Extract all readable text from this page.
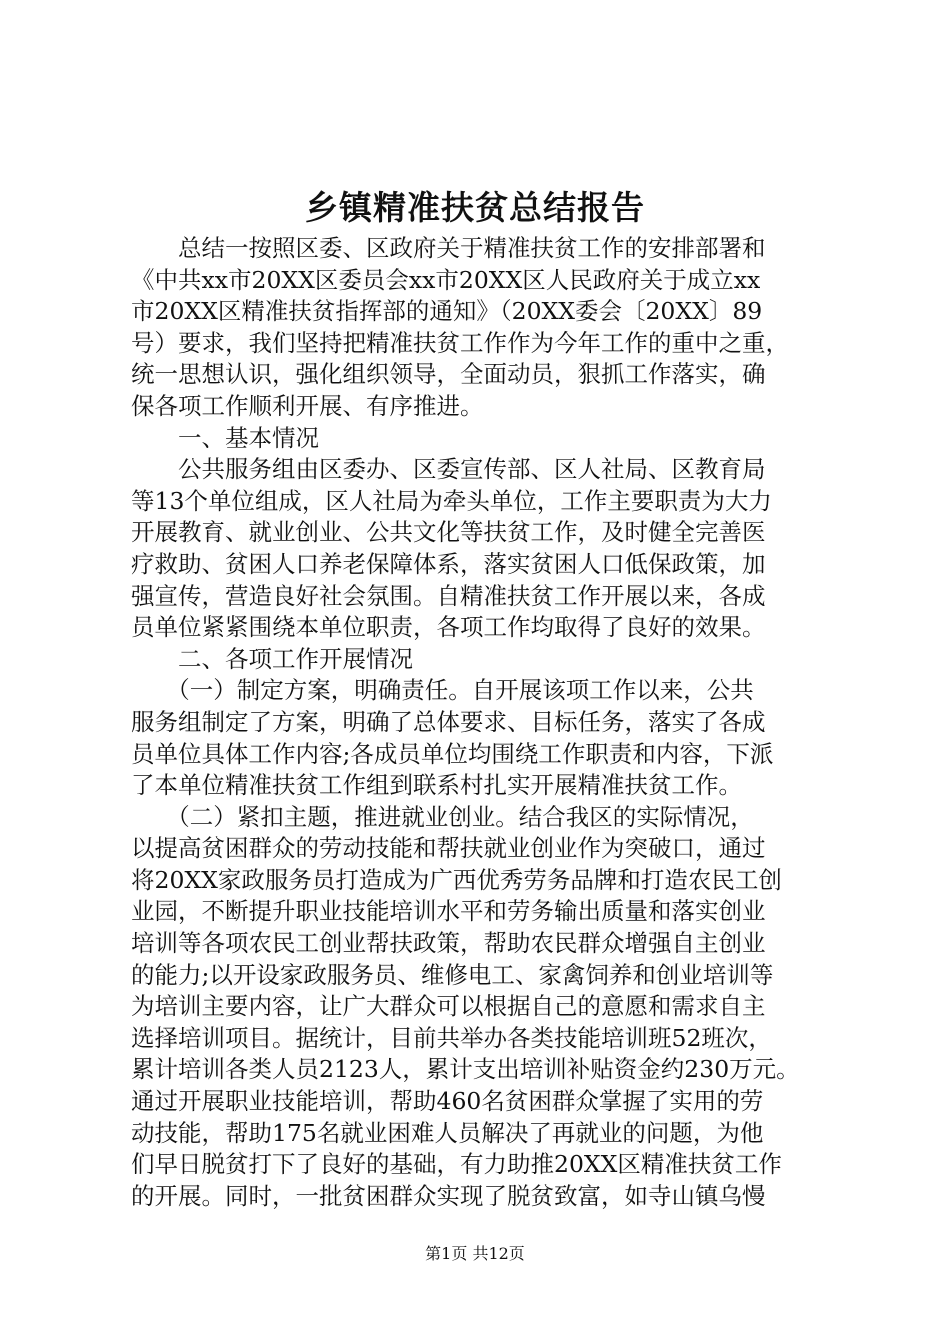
乡镇精准扶贫总结报告
　　总结一按照区委、区政府关于精准扶贫工作的安排部署和
《中共xx市20XX区委员会xx市20XX区人民政府关于成立xx
市20XX区精准扶贫指挥部的通知》（20XX委会〔20XX〕89
号）要求，我们坚持把精准扶贫工作作为今年工作的重中之重，
统一思想认识，强化组织领导，全面动员，狠抓工作落实，确
保各项工作顺利开展、有序推进。
　　一、基本情况
　　公共服务组由区委办、区委宣传部、区人社局、区教育局
等13个单位组成，区人社局为牵头单位，工作主要职责为大力
开展教育、就业创业、公共文化等扶贫工作，及时健全完善医
疗救助、贫困人口养老保障体系，落实贫困人口低保政策，加
强宣传，营造良好社会氛围。自精准扶贫工作开展以来，各成
员单位紧紧围绕本单位职责，各项工作均取得了良好的效果。
　　二、各项工作开展情况
　　（一）制定方案，明确责任。自开展该项工作以来，公共
服务组制定了方案，明确了总体要求、目标任务，落实了各成
员单位具体工作内容;各成员单位均围绕工作职责和内容，下派
了本单位精准扶贫工作组到联系村扎实开展精准扶贫工作。
　　（二）紧扣主题，推进就业创业。结合我区的实际情况，
以提高贫困群众的劳动技能和帮扶就业创业作为突破口，通过
将20XX家政服务员打造成为广西优秀劳务品牌和打造农民工创
业园，不断提升职业技能培训水平和劳务输出质量和落实创业
培训等各项农民工创业帮扶政策，帮助农民群众增强自主创业
的能力;以开设家政服务员、维修电工、家禽饲养和创业培训等
为培训主要内容，让广大群众可以根据自己的意愿和需求自主
选择培训项目。据统计，目前共举办各类技能培训班52班次，
累计培训各类人员2123人，累计支出培训补贴资金约230万元。
通过开展职业技能培训，帮助460名贫困群众掌握了实用的劳
动技能，帮助175名就业困难人员解决了再就业的问题，为他
们早日脱贫打下了良好的基础，有力助推20XX区精准扶贫工作
的开展。同时，一批贫困群众实现了脱贫致富，如寺山镇乌慢
第1页 共12页
